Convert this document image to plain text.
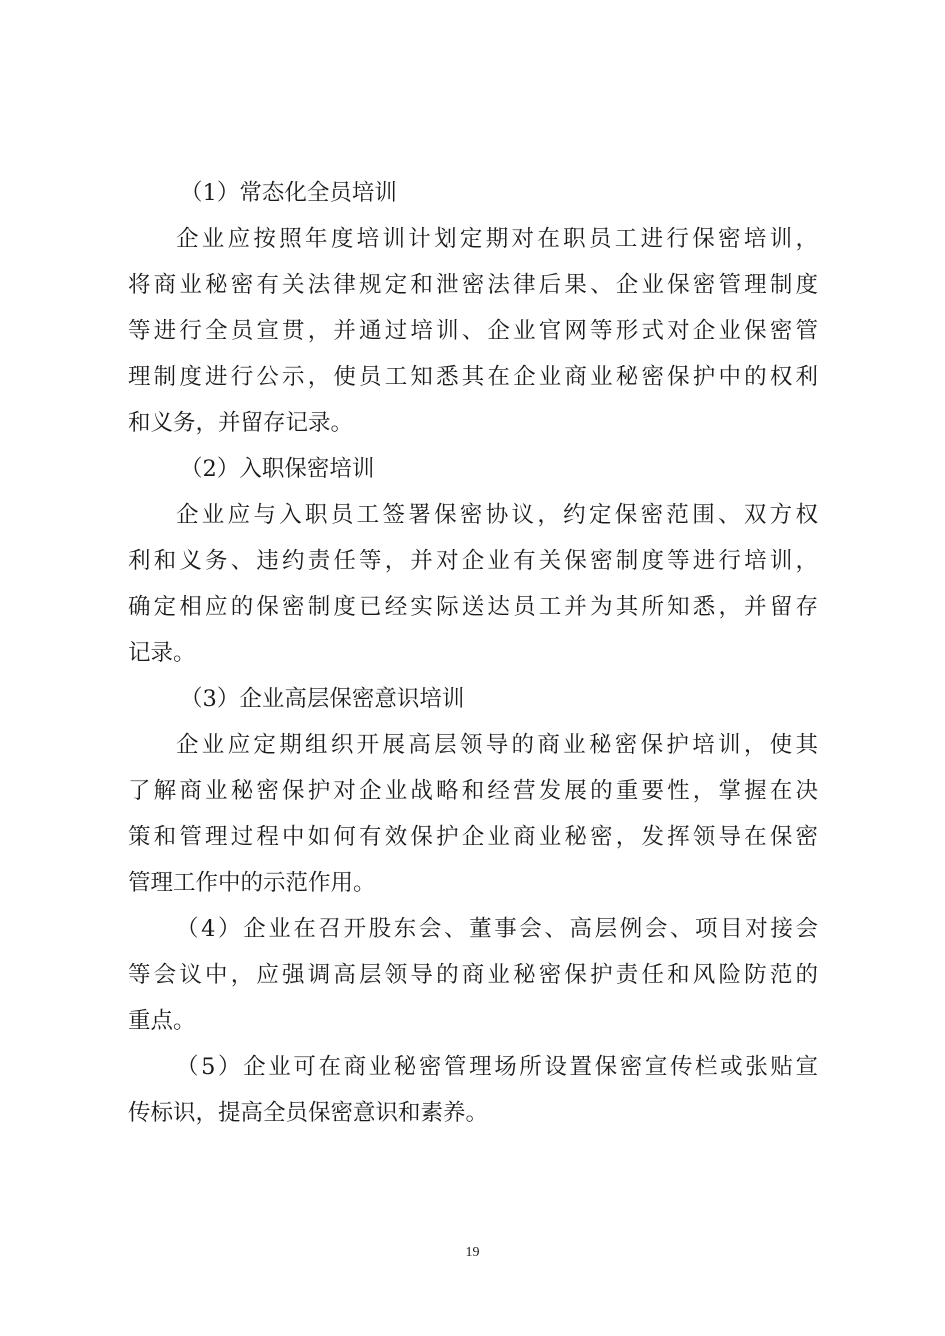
（1）常态化全员培训
企业应按照年度培训计划定期对在职员工进行保密培训，
将商业秘密有关法律规定和泄密法律后果、企业保密管理制度
等进行全员宣贯，并通过培训、企业官网等形式对企业保密管
理制度进行公示，使员工知悉其在企业商业秘密保护中的权利
和义务，并留存记录。
（2）入职保密培训
企业应与入职员工签署保密协议，约定保密范围、双方权
利和义务、违约责任等，并对企业有关保密制度等进行培训，
确定相应的保密制度已经实际送达员工并为其所知悉，并留存
记录。
（3）企业高层保密意识培训
企业应定期组织开展高层领导的商业秘密保护培训，使其
了解商业秘密保护对企业战略和经营发展的重要性，掌握在决
策和管理过程中如何有效保护企业商业秘密，发挥领导在保密
管理工作中的示范作用。
（4）企业在召开股东会、董事会、高层例会、项目对接会
等会议中，应强调高层领导的商业秘密保护责任和风险防范的
重点。
（5）企业可在商业秘密管理场所设置保密宣传栏或张贴宣
传标识，提高全员保密意识和素养。
19
